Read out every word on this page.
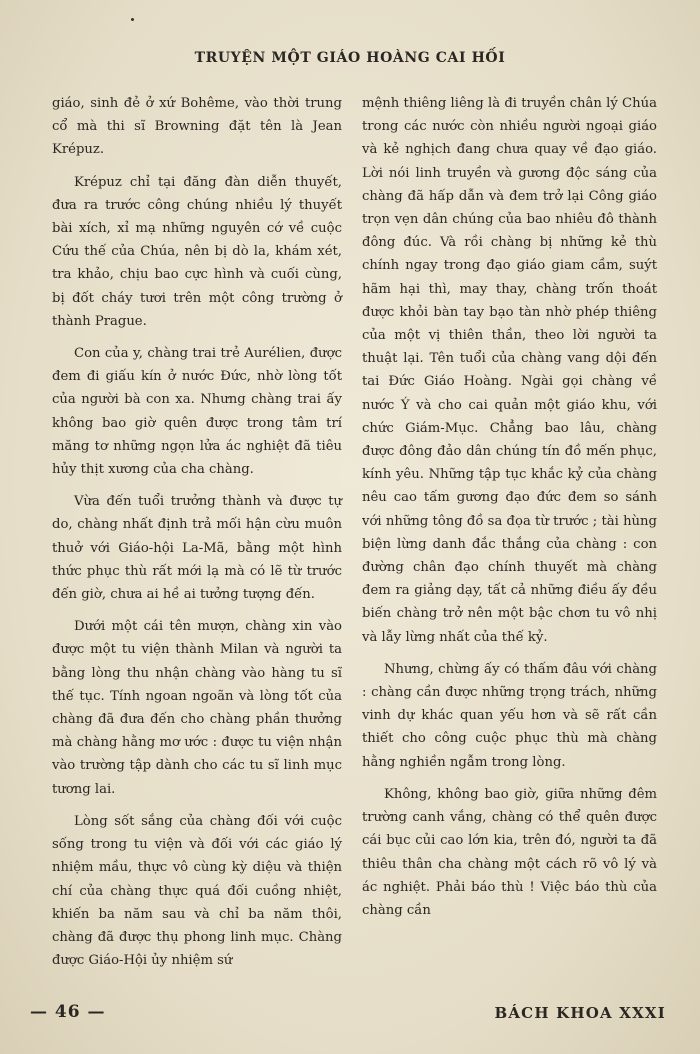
TRUYỆN MỘT GIÁO HOÀNG CAI HỐI

giáo, sinh đẻ ở xứ Bohême, vào thời trung cổ mà thi sĩ Browning đặt tên là Jean Krépuz.

Krépuz chỉ tại đăng đàn diễn thuyết, đưa ra trước công chúng nhiều lý thuyết bài xích, xỉ mạ những nguyên cớ về cuộc Cứu thế của Chúa, nên bị dò la, khám xét, tra khảo, chịu bao cực hình và cuối cùng, bị đốt cháy tươi trên một công trường ở thành Prague.

Con của y, chàng trai trẻ Aurélien, được đem đi giấu kín ở nước Đức, nhờ lòng tốt của người bà con xa. Nhưng chàng trai ấy không bao giờ quên được trong tâm trí măng tơ những ngọn lửa ác nghiệt đã tiêu hủy thịt xương của cha chàng.

Vừa đến tuổi trưởng thành và được tự do, chàng nhất định trả mối hận cừu muôn thuở với Giáo-hội La-Mã, bằng một hình thức phục thù rất mới lạ mà có lẽ từ trước đến giờ, chưa ai hề ai tưởng tượng đến.

Dưới một cái tên mượn, chàng xin vào được một tu viện thành Milan và người ta bằng lòng thu nhận chàng vào hàng tu sĩ thế tục. Tính ngoan ngoãn và lòng tốt của chàng đã đưa đến cho chàng phần thưởng mà chàng hằng mơ ước : được tu viện nhận vào trường tập dành cho các tu sĩ linh mục tương lai.

Lòng sốt sắng của chàng đối với cuộc sống trong tu viện và đối với các giáo lý nhiệm mầu, thực vô cùng kỳ diệu và thiện chí của chàng thực quá đối cuồng nhiệt, khiến ba năm sau và chỉ ba năm thôi, chàng đã được thụ phong linh mục. Chàng được Giáo-Hội ủy nhiệm sứ

mệnh thiêng liêng là đi truyền chân lý Chúa trong các nước còn nhiều người ngoại giáo và kẻ nghịch đang chưa quay về đạo giáo. Lời nói linh truyền và gương độc sáng của chàng đã hấp dẫn và đem trở lại Công giáo trọn vẹn dân chúng của bao nhiêu đô thành đông đúc. Và rồi chàng bị những kẻ thù chính ngay trong đạo giáo giam cầm, suýt hãm hại thì, may thay, chàng trốn thoát được khỏi bàn tay bạo tàn nhờ phép thiêng của một vị thiên thần, theo lời người ta thuật lại. Tên tuổi của chàng vang dội đến tai Đức Giáo Hoàng. Ngài gọi chàng về nước Ý và cho cai quản một giáo khu, với chức Giám-Mục. Chẳng bao lâu, chàng được đông đảo dân chúng tín đồ mến phục, kính yêu. Những tập tục khắc kỷ của chàng nêu cao tấm gương đạo đức đem so sánh với những tông đồ sa đọa từ trước ; tài hùng biện lừng danh đắc thắng của chàng : con đường chân đạo chính thuyết mà chàng đem ra giảng dạy, tất cả những điều ấy đều biến chàng trở nên một bậc chơn tu vô nhị và lẫy lừng nhất của thế kỷ.

Nhưng, chừng ấy có thấm đâu với chàng : chàng cần được những trọng trách, những vinh dự khác quan yếu hơn và sẽ rất cần thiết cho công cuộc phục thù mà chàng hằng nghiền ngẫm trong lòng.

Không, không bao giờ, giữa những đêm trường canh vắng, chàng có thể quên được cái bục củi cao lớn kia, trên đó, người ta đã thiêu thân cha chàng một cách rõ vô lý và ác nghiệt. Phải báo thù ! Việc báo thù của chàng cần

— 46 —	BÁCH KHOA XXXI
